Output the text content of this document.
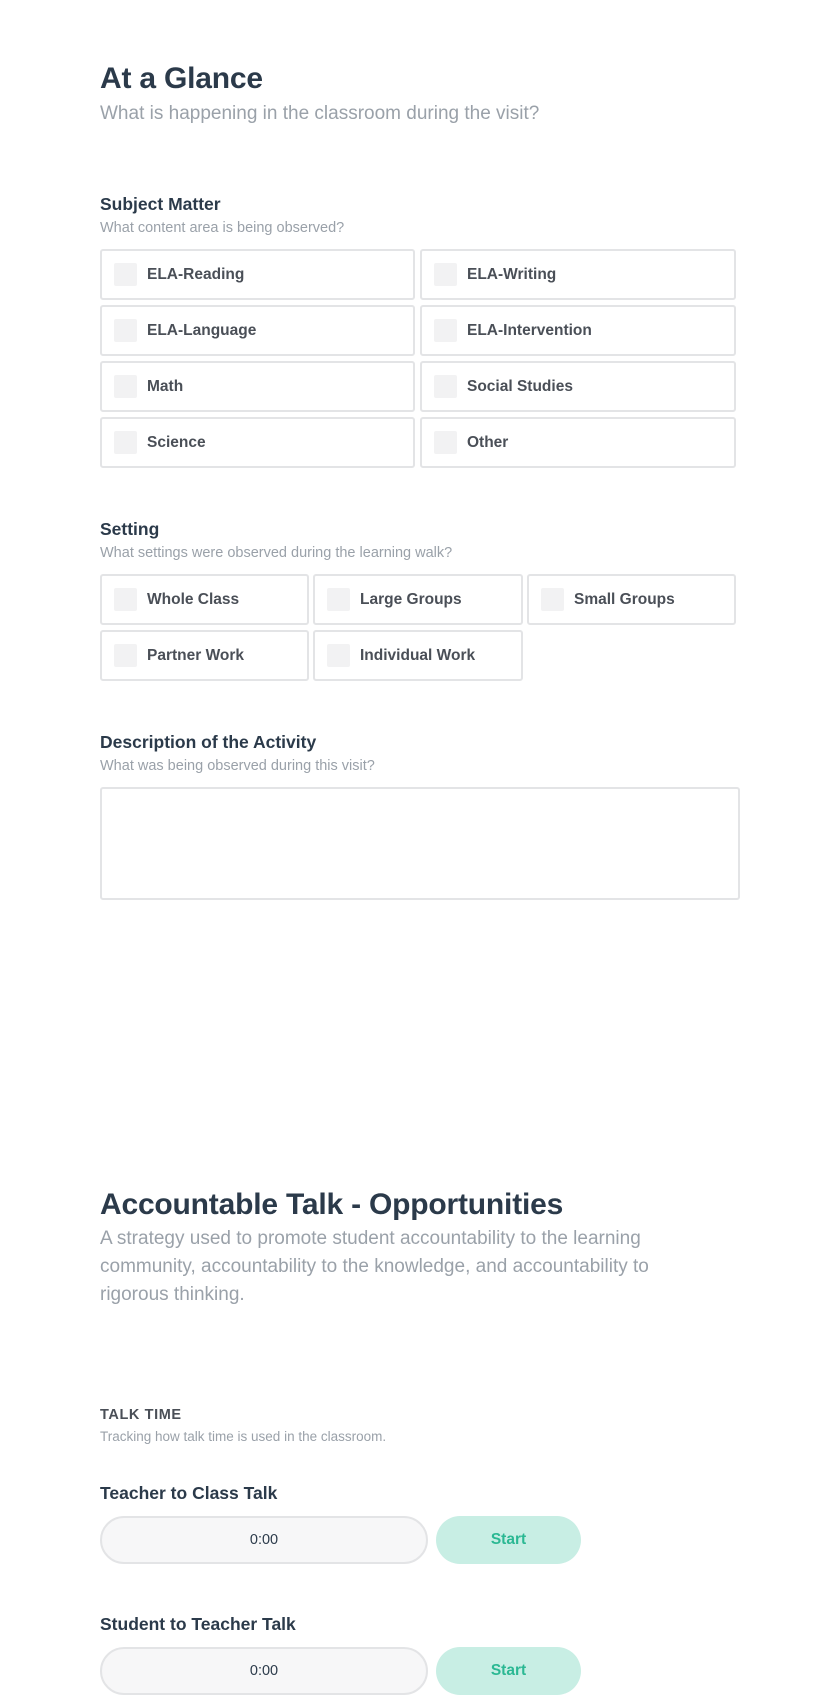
At a Glance
What is happening in the classroom during the visit?
Subject Matter
What content area is being observed?
ELA-Reading	ELA-Writing
ELA-Language	ELA-Intervention
Math	Social Studies
Science	Other
Setting
What settings were observed during the learning walk?
Whole Class	Large Groups	Small Groups
Partner Work	Individual Work
Description of the Activity
What was being observed during this visit?
Accountable Talk - Opportunities
A strategy used to promote student accountability to the learning community, accountability to the knowledge, and accountability to rigorous thinking.
TALK TIME
Tracking how talk time is used in the classroom.
Teacher to Class Talk
0:00	Start
Student to Teacher Talk
0:00	Start
